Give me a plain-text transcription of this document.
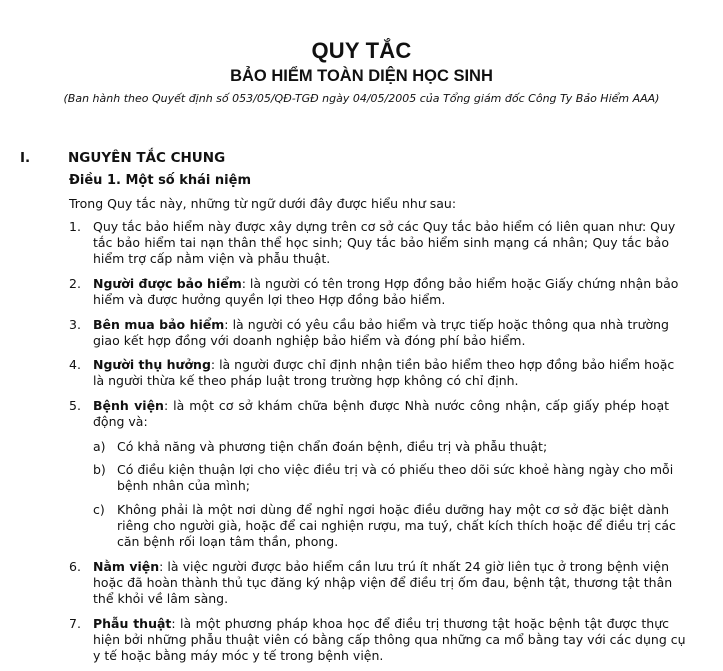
QUY TẮC
BẢO HIỂM TOÀN DIỆN HỌC SINH
(Ban hành theo Quyết định số 053/05/QĐ-TGĐ ngày 04/05/2005 của Tổng giám đốc Công Ty Bảo Hiểm AAA)
I.	NGUYÊN TẮC CHUNG
Điều 1. Một số khái niệm
Trong Quy tắc này, những từ ngữ dưới đây được hiểu như sau:
1. Quy tắc bảo hiểm này được xây dựng trên cơ sở các Quy tắc bảo hiểm có liên quan như: Quy
tắc bảo hiểm tai nạn thân thể học sinh; Quy tắc bảo hiểm sinh mạng cá nhân; Quy tắc bảo
hiểm trợ cấp nằm viện và phẫu thuật.
2. Người được bảo hiểm: là người có tên trong Hợp đồng bảo hiểm hoặc Giấy chứng nhận bảo
hiểm và được hưởng quyền lợi theo Hợp đồng bảo hiểm.
3. Bên mua bảo hiểm: là người có yêu cầu bảo hiểm và trực tiếp hoặc thông qua nhà trường
giao kết hợp đồng với doanh nghiệp bảo hiểm và đóng phí bảo hiểm.
4. Người thụ hưởng: là người được chỉ định nhận tiền bảo hiểm theo hợp đồng bảo hiểm hoặc
là người thừa kế theo pháp luật trong trường hợp không có chỉ định.
5. Bệnh viện: là một cơ sở khám chữa bệnh được Nhà nước công nhận, cấp giấy phép hoạt
động và:
a) Có khả năng và phương tiện chẩn đoán bệnh, điều trị và phẫu thuật;
b) Có điều kiện thuận lợi cho việc điều trị và có phiếu theo dõi sức khoẻ hàng ngày cho mỗi
bệnh nhân của mình;
c) Không phải là một nơi dùng để nghỉ ngơi hoặc điều dưỡng hay một cơ sở đặc biệt dành
riêng cho người già, hoặc để cai nghiện rượu, ma tuý, chất kích thích hoặc để điều trị các
căn bệnh rối loạn tâm thần, phong.
6. Nằm viện: là việc người được bảo hiểm cần lưu trú ít nhất 24 giờ liên tục ở trong bệnh viện
hoặc đã hoàn thành thủ tục đăng ký nhập viện để điều trị ốm đau, bệnh tật, thương tật thân
thể khỏi về lâm sàng.
7. Phẫu thuật: là một phương pháp khoa học để điều trị thương tật hoặc bệnh tật được thực
hiện bởi những phẫu thuật viên có bằng cấp thông qua những ca mổ bằng tay với các dụng cụ
y tế hoặc bằng máy móc y tế trong bệnh viện.
